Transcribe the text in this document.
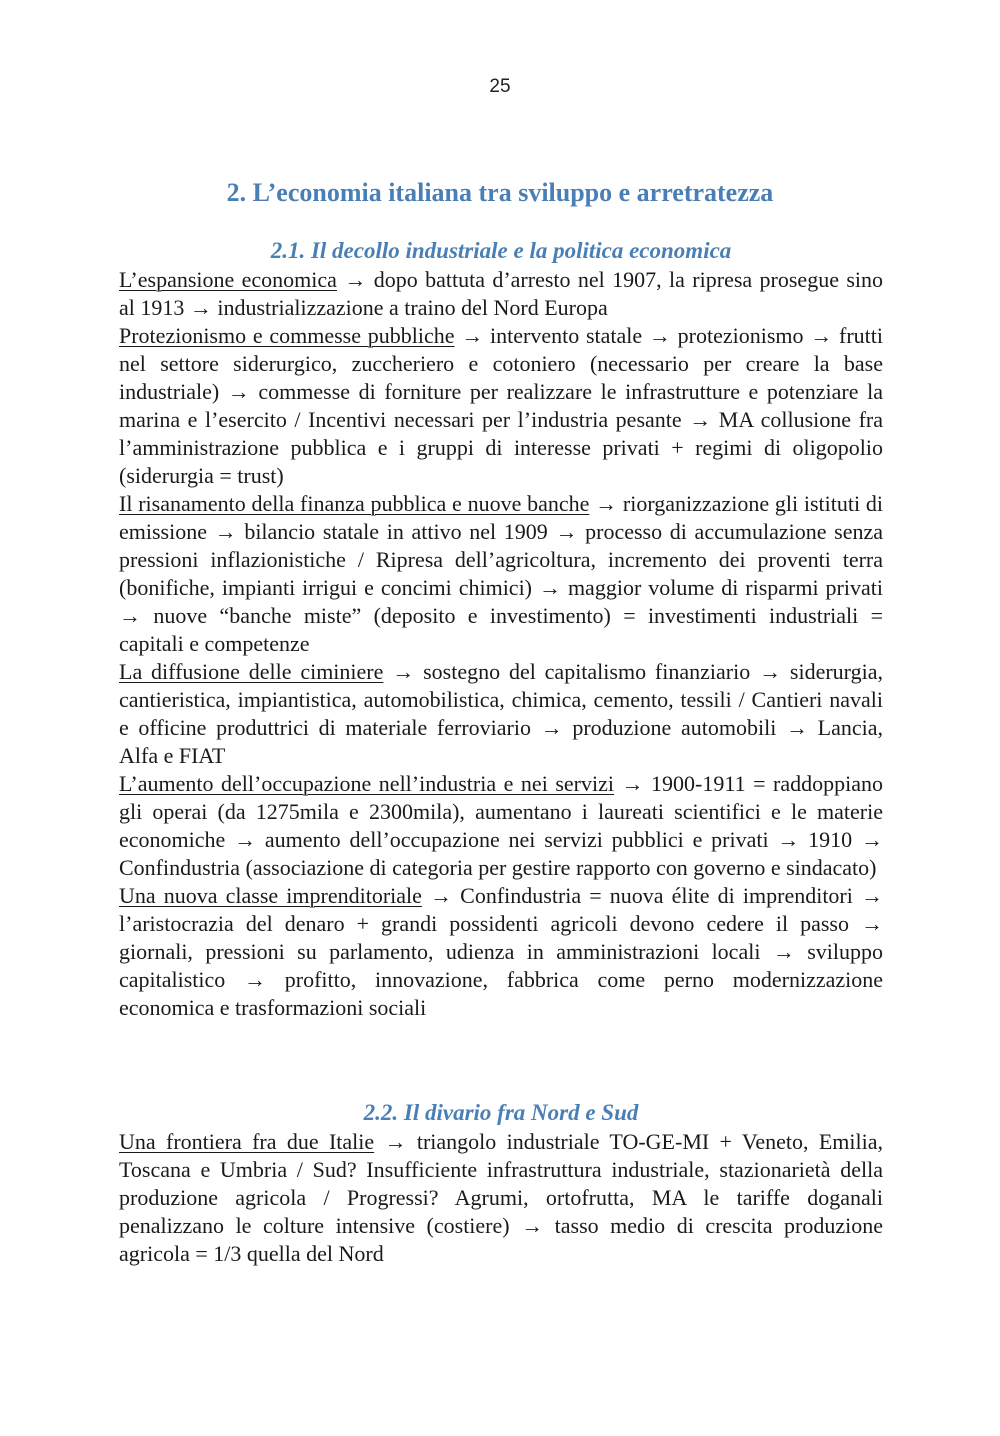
25
2. L’economia italiana tra sviluppo e arretratezza
2.1. Il decollo industriale e la politica economica

L’espansione economica → dopo battuta d’arresto nel 1907, la ripresa prosegue sino al 1913 → industrializzazione a traino del Nord Europa

Protezionismo e commesse pubbliche → intervento statale → protezionismo → frutti nel settore siderurgico, zuccheriero e cotoniero (necessario per creare la base industriale) → commesse di forniture per realizzare le infrastrutture e potenziare la marina e l’esercito / Incentivi necessari per l’industria pesante → MA collusione fra l’amministrazione pubblica e i gruppi di interesse privati + regimi di oligopolio (siderurgia = trust)

Il risanamento della finanza pubblica e nuove banche → riorganizzazione gli istituti di emissione → bilancio statale in attivo nel 1909 → processo di accumulazione senza pressioni inflazionistiche / Ripresa dell’agricoltura, incremento dei proventi terra (bonifiche, impianti irrigui e concimi chimici) → maggior volume di risparmi privati → nuove “banche miste” (deposito e investimento) = investimenti industriali = capitali e competenze

La diffusione delle ciminiere → sostegno del capitalismo finanziario → siderurgia, cantieristica, impiantistica, automobilistica, chimica, cemento, tessili / Cantieri navali e officine produttrici di materiale ferroviario → produzione automobili → Lancia, Alfa e FIAT

L’aumento dell’occupazione nell’industria e nei servizi → 1900-1911 = raddoppiano gli operai (da 1275mila e 2300mila), aumentano i laureati scientifici e le materie economiche → aumento dell’occupazione nei servizi pubblici e privati → 1910 → Confindustria (associazione di categoria per gestire rapporto con governo e sindacato)

Una nuova classe imprenditoriale → Confindustria = nuova élite di imprenditori → l’aristocrazia del denaro + grandi possidenti agricoli devono cedere il passo → giornali, pressioni su parlamento, udienza in amministrazioni locali → sviluppo capitalistico → profitto, innovazione, fabbrica come perno modernizzazione economica e trasformazioni sociali

2.2. Il divario fra Nord e Sud

Una frontiera fra due Italie → triangolo industriale TO-GE-MI + Veneto, Emilia, Toscana e Umbria / Sud? Insufficiente infrastruttura industriale, stazionarietà della produzione agricola / Progressi? Agrumi, ortofrutta, MA le tariffe doganali penalizzano le colture intensive (costiere) → tasso medio di crescita produzione agricola = 1/3 quella del Nord
